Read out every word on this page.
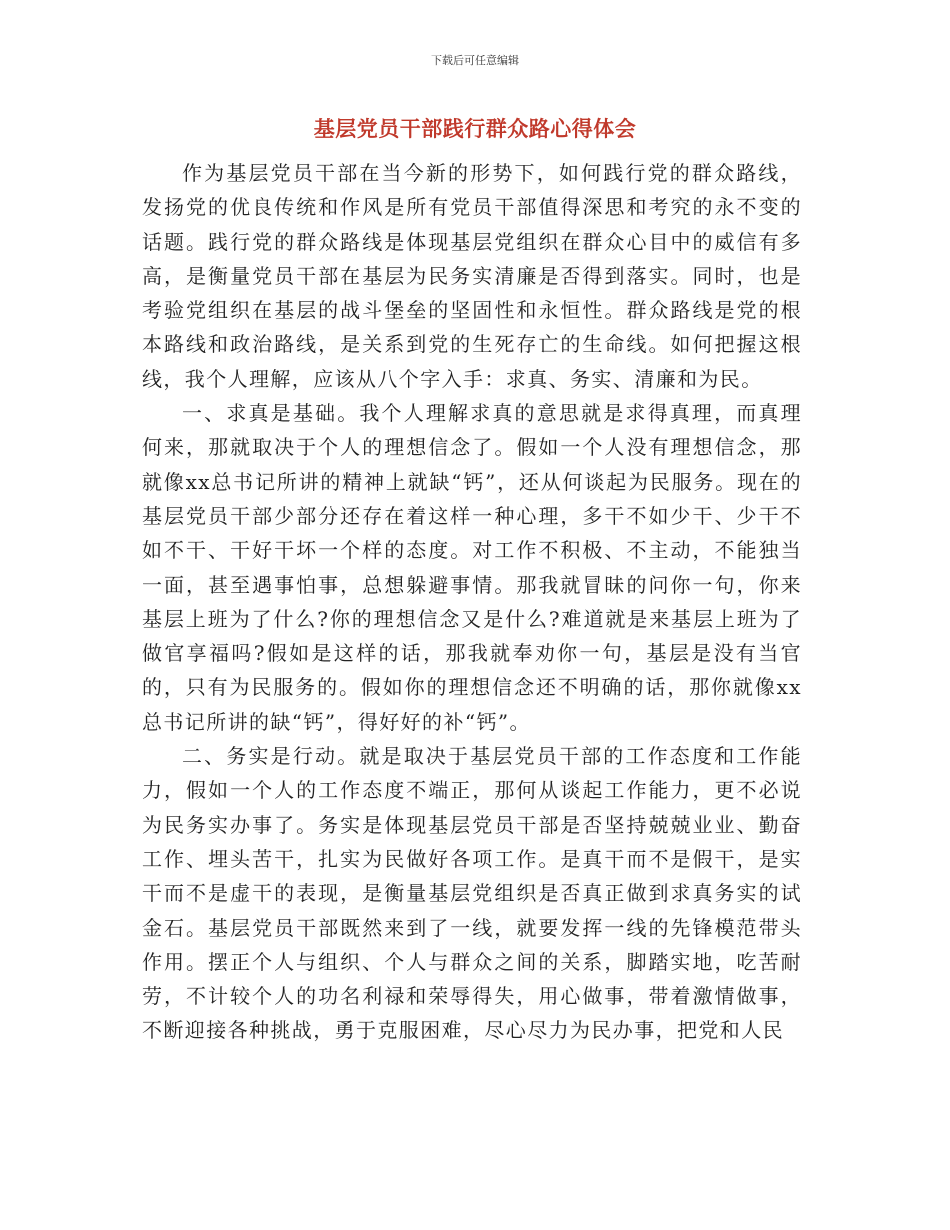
下载后可任意编辑
基层党员干部践行群众路心得体会

作为基层党员干部在当今新的形势下，如何践行党的群众路线，发扬党的优良传统和作风是所有党员干部值得深思和考究的永不变的话题。践行党的群众路线是体现基层党组织在群众心目中的威信有多高，是衡量党员干部在基层为民务实清廉是否得到落实。同时，也是考验党组织在基层的战斗堡垒的坚固性和永恒性。群众路线是党的根本路线和政治路线，是关系到党的生死存亡的生命线。如何把握这根线，我个人理解，应该从八个字入手：求真、务实、清廉和为民。

一、求真是基础。我个人理解求真的意思就是求得真理，而真理何来，那就取决于个人的理想信念了。假如一个人没有理想信念，那就像xx总书记所讲的精神上就缺“钙”，还从何谈起为民服务。现在的基层党员干部少部分还存在着这样一种心理，多干不如少干、少干不如不干、干好干坏一个样的态度。对工作不积极、不主动，不能独当一面，甚至遇事怕事，总想躲避事情。那我就冒昧的问你一句，你来基层上班为了什么?你的理想信念又是什么?难道就是来基层上班为了做官享福吗?假如是这样的话，那我就奉劝你一句，基层是没有当官的，只有为民服务的。假如你的理想信念还不明确的话，那你就像xx总书记所讲的缺“钙”，得好好的补“钙”。

二、务实是行动。就是取决于基层党员干部的工作态度和工作能力，假如一个人的工作态度不端正，那何从谈起工作能力，更不必说为民务实办事了。务实是体现基层党员干部是否坚持兢兢业业、勤奋工作、埋头苦干，扎实为民做好各项工作。是真干而不是假干，是实干而不是虚干的表现，是衡量基层党组织是否真正做到求真务实的试金石。基层党员干部既然来到了一线，就要发挥一线的先锋模范带头作用。摆正个人与组织、个人与群众之间的关系，脚踏实地，吃苦耐劳，不计较个人的功名利禄和荣辱得失，用心做事，带着激情做事，不断迎接各种挑战，勇于克服困难，尽心尽力为民办事，把党和人民
